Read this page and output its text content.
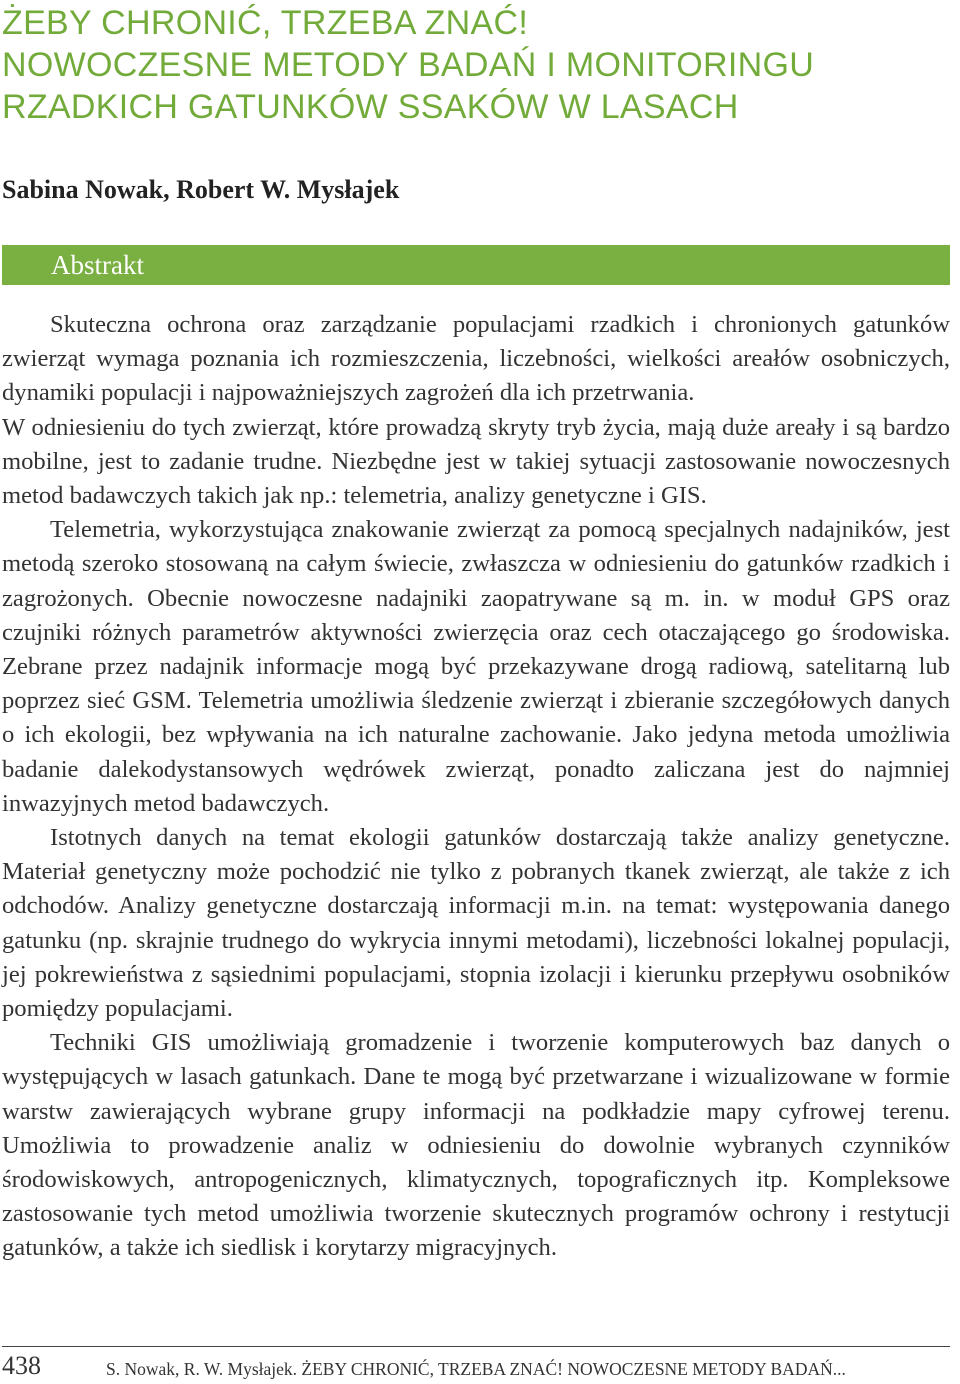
ŻEBY CHRONIĆ, TRZEBA ZNAĆ!
NOWOCZESNE METODY BADAŃ I MONITORINGU
RZADKICH GATUNKÓW SSAKÓW W LASACH
Sabina Nowak, Robert W. Mysłajek
Abstrakt

Skuteczna ochrona oraz zarządzanie populacjami rzadkich i chronionych gatunków zwierząt wymaga poznania ich rozmieszczenia, liczebności, wielkości areałów osobniczych, dynamiki populacji i najpoważniejszych zagrożeń dla ich przetrwania.

W odniesieniu do tych zwierząt, które prowadzą skryty tryb życia, mają duże areały i są bardzo mobilne, jest to zadanie trudne. Niezbędne jest w takiej sytuacji zastosowanie nowoczesnych metod badawczych takich jak np.: telemetria, analizy genetyczne i GIS.

Telemetria, wykorzystująca znakowanie zwierząt za pomocą specjalnych nadajników, jest metodą szeroko stosowaną na całym świecie, zwłaszcza w odniesieniu do gatunków rzadkich i zagrożonych. Obecnie nowoczesne nadajniki zaopatrywane są m. in. w moduł GPS oraz czujniki różnych parametrów aktywności zwierzęcia oraz cech otaczającego go środowiska. Zebrane przez nadajnik informacje mogą być przekazywane drogą radiową, satelitarną lub poprzez sieć GSM. Telemetria umożliwia śledzenie zwierząt i zbieranie szczegółowych danych o ich ekologii, bez wpływania na ich naturalne zachowanie. Jako jedyna metoda umożliwia badanie dalekodystansowych wędrówek zwierząt, ponadto zaliczana jest do najmniej inwazyjnych metod badawczych.

Istotnych danych na temat ekologii gatunków dostarczają także analizy genetyczne. Materiał genetyczny może pochodzić nie tylko z pobranych tkanek zwierząt, ale także z ich odchodów. Analizy genetyczne dostarczają informacji m.in. na temat: występowania danego gatunku (np. skrajnie trudnego do wykrycia innymi metodami), liczebności lokalnej populacji, jej pokrewieństwa z sąsiednimi populacjami, stopnia izolacji i kierunku przepływu osobników pomiędzy populacjami.

Techniki GIS umożliwiają gromadzenie i tworzenie komputerowych baz danych o występujących w lasach gatunkach. Dane te mogą być przetwarzane i wizualizowane w formie warstw zawierających wybrane grupy informacji na podkładzie mapy cyfrowej terenu. Umożliwia to prowadzenie analiz w odniesieniu do dowolnie wybranych czynników środowiskowych, antropogenicznych, klimatycznych, topograficznych itp. Kompleksowe zastosowanie tych metod umożliwia tworzenie skutecznych programów ochrony i restytucji gatunków, a także ich siedlisk i korytarzy migracyjnych.

438	S. Nowak, R. W. Mysłajek. ŻEBY CHRONIĆ, TRZEBA ZNAĆ! NOWOCZESNE METODY BADAŃ...
